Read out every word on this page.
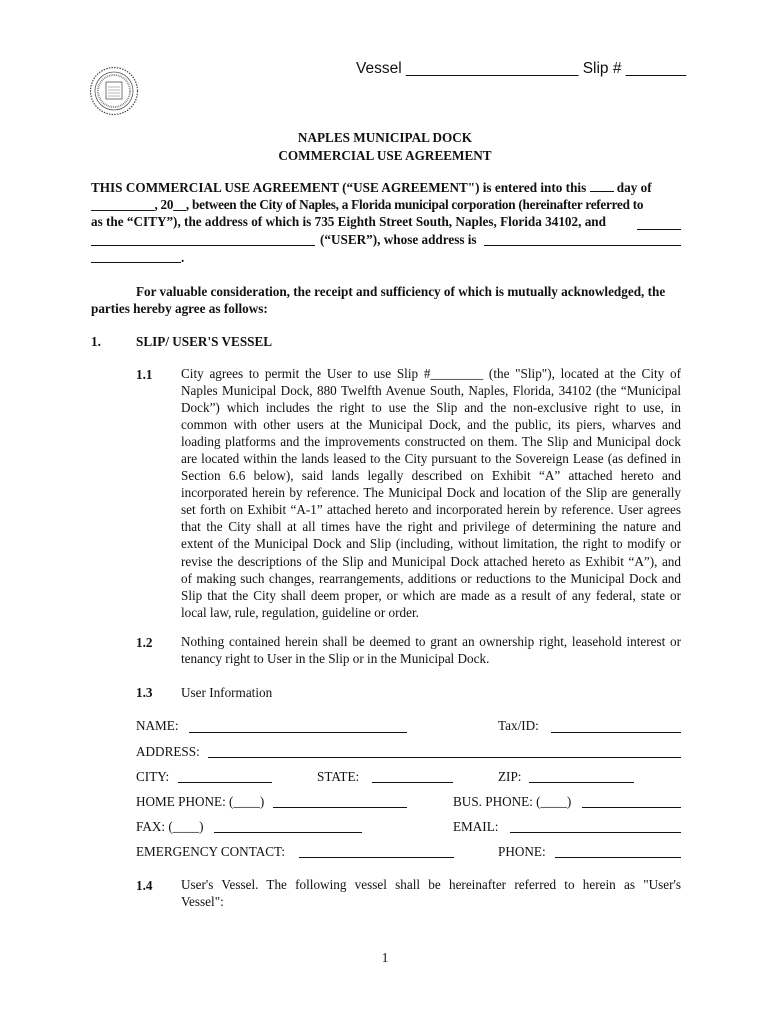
Vessel ____________________ Slip # _______
NAPLES MUNICIPAL DOCK
COMMERCIAL USE AGREEMENT
THIS COMMERCIAL USE AGREEMENT (“USE AGREEMENT") is entered into this day of
__________, 20__, between the City of Naples, a Florida municipal corporation (hereinafter referred to
as the “CITY”), the address of which is 735 Eighth Street South, Naples, Florida 34102, and
(“USER”), whose address is
.
For valuable consideration, the receipt and sufficiency of which is mutually acknowledged, the
parties hereby agree as follows:
1.	SLIP/ USER'S VESSEL
1.1 City agrees to permit the User to use Slip #________ (the "Slip"), located at the City of
Naples Municipal Dock, 880 Twelfth Avenue South, Naples, Florida, 34102 (the “Municipal
Dock”) which includes the right to use the Slip and the non-exclusive right to use, in
common with other users at the Municipal Dock, and the public, its piers, wharves and
loading platforms and the improvements constructed on them. The Slip and Municipal dock
are located within the lands leased to the City pursuant to the Sovereign Lease (as defined in
Section 6.6 below), said lands legally described on Exhibit “A” attached hereto and
incorporated herein by reference. The Municipal Dock and location of the Slip are generally
set forth on Exhibit “A-1” attached hereto and incorporated herein by reference. User agrees
that the City shall at all times have the right and privilege of determining the nature and
extent of the Municipal Dock and Slip (including, without limitation, the right to modify or
revise the descriptions of the Slip and Municipal Dock attached hereto as Exhibit “A”), and
of making such changes, rearrangements, additions or reductions to the Municipal Dock and
Slip that the City shall deem proper, or which are made as a result of any federal, state or
local law, rule, regulation, guideline or order.
1.2 Nothing contained herein shall be deemed to grant an ownership right, leasehold interest or
tenancy right to User in the Slip or in the Municipal Dock.
1.3 User Information
NAME:	Tax/ID:
ADDRESS:
CITY:	STATE:	ZIP:
HOME PHONE: (____)	BUS. PHONE: (____)
FAX: (____)	EMAIL:
EMERGENCY CONTACT:	PHONE:
1.4 User's Vessel. The following vessel shall be hereinafter referred to herein as "User's
Vessel":
1
